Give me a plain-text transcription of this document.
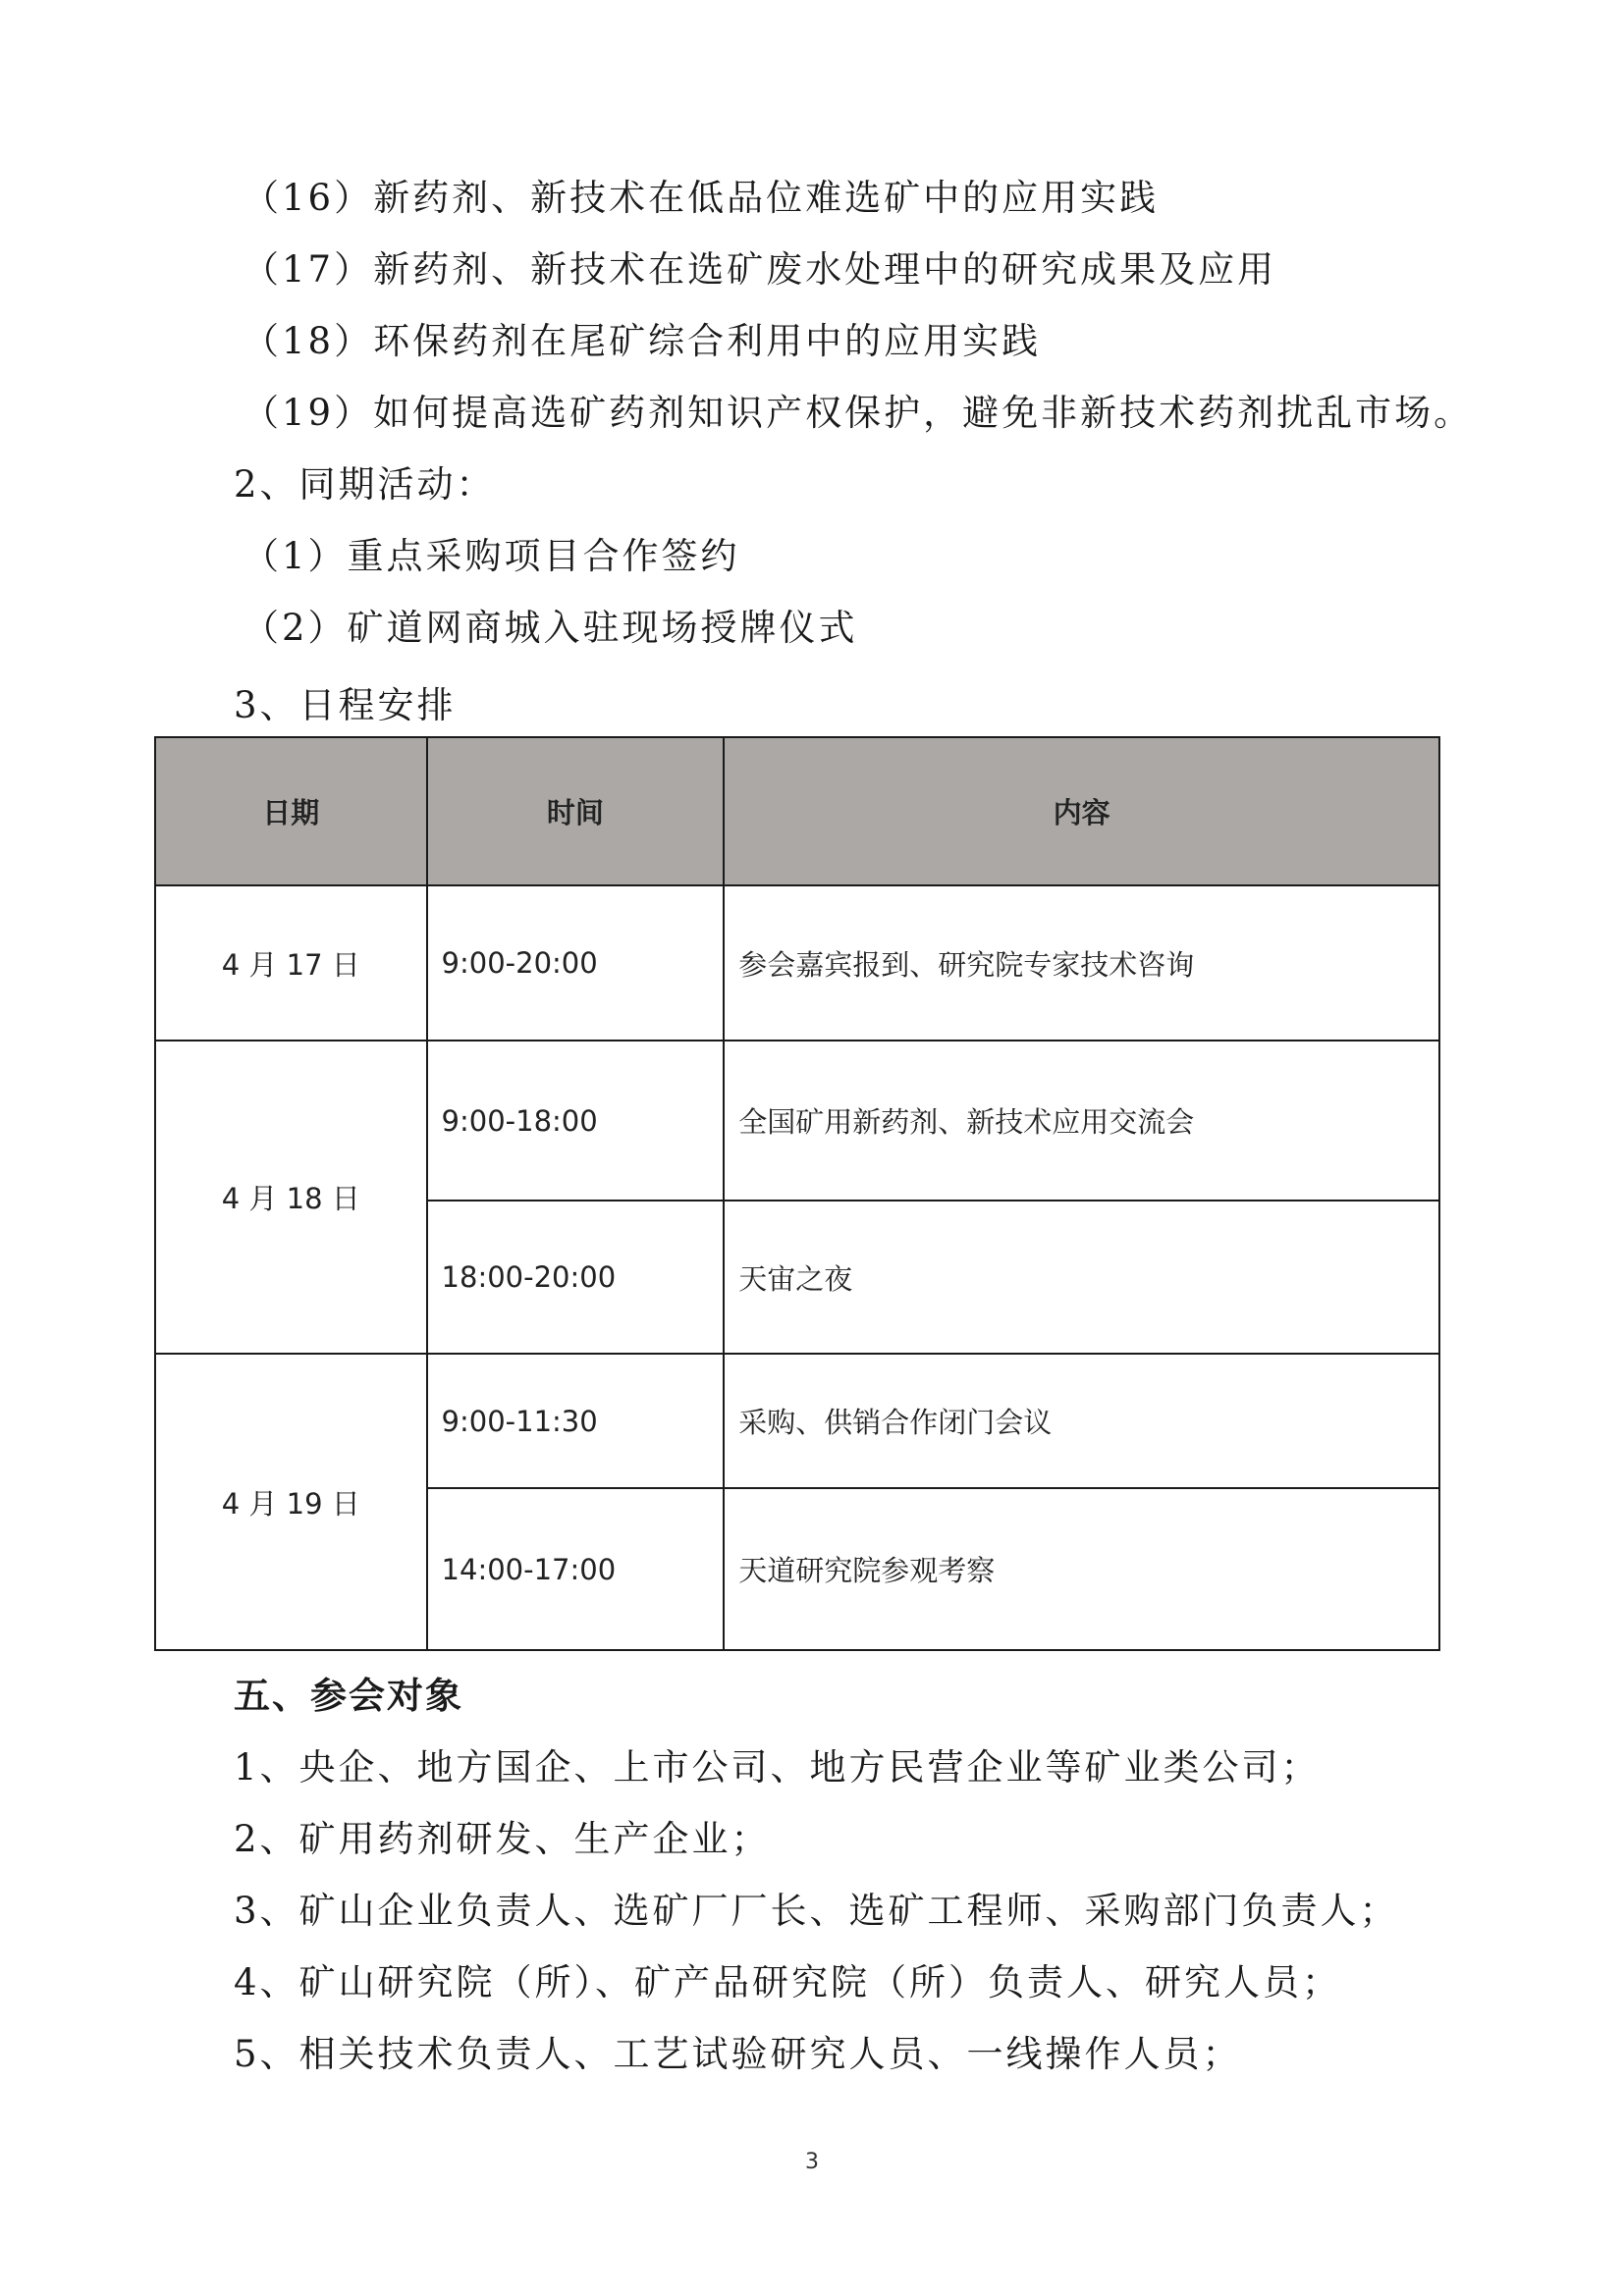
（16）新药剂、新技术在低品位难选矿中的应用实践

（17）新药剂、新技术在选矿废水处理中的研究成果及应用

（18）环保药剂在尾矿综合利用中的应用实践

（19）如何提高选矿药剂知识产权保护，避免非新技术药剂扰乱市场。

2、同期活动：

（1）重点采购项目合作签约

（2）矿道网商城入驻现场授牌仪式

3、日程安排

日期	时间	内容
4 月 17 日	9:00-20:00	参会嘉宾报到、研究院专家技术咨询
4 月 18 日	9:00-18:00	全国矿用新药剂、新技术应用交流会
	18:00-20:00	天宙之夜
4 月 19 日	9:00-11:30	采购、供销合作闭门会议
	14:00-17:00	天道研究院参观考察

五、参会对象

1、央企、地方国企、上市公司、地方民营企业等矿业类公司；

2、矿用药剂研发、生产企业；

3、矿山企业负责人、选矿厂厂长、选矿工程师、采购部门负责人；

4、矿山研究院（所）、矿产品研究院（所）负责人、研究人员；

5、相关技术负责人、工艺试验研究人员、一线操作人员；

3
